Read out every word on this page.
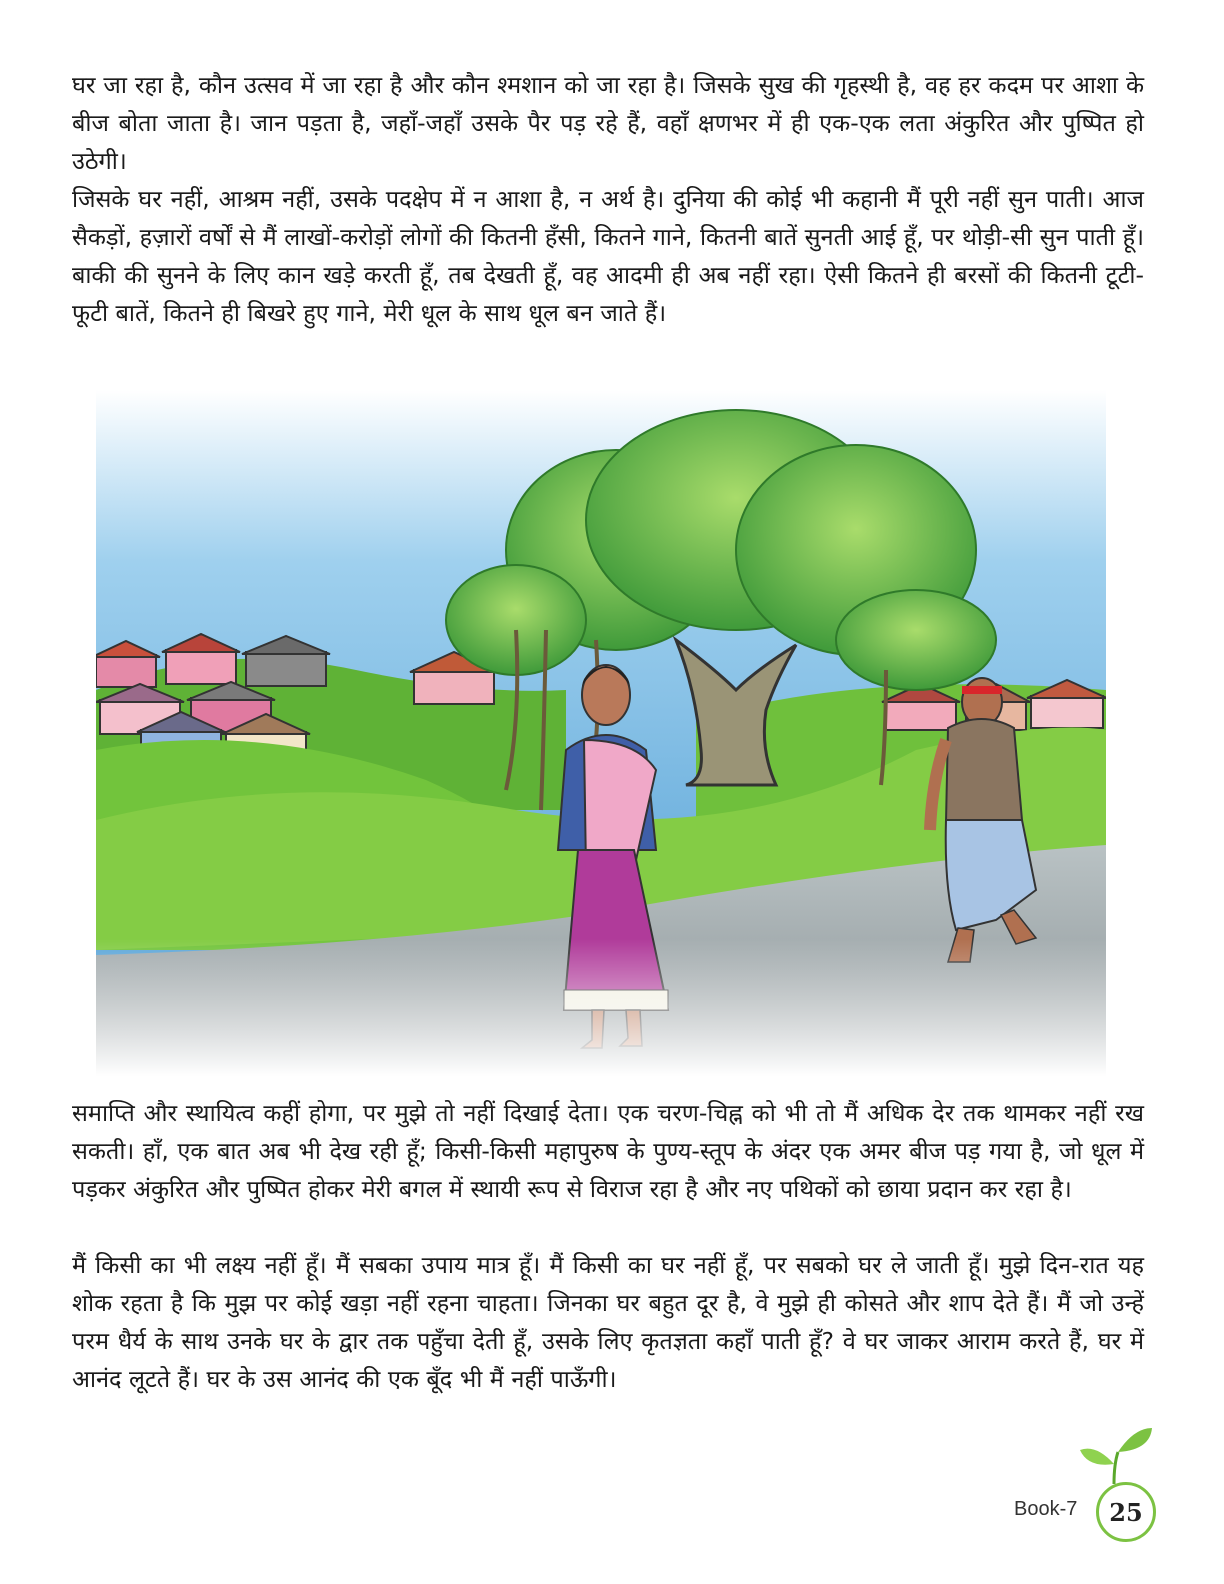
घर जा रहा है, कौन उत्सव में जा रहा है और कौन श्मशान को जा रहा है। जिसके सुख की गृहस्थी है, वह हर कदम पर आशा के बीज बोता जाता है। जान पड़ता है, जहाँ-जहाँ उसके पैर पड़ रहे हैं, वहाँ क्षणभर में ही एक-एक लता अंकुरित और पुष्पित हो उठेगी।

जिसके घर नहीं, आश्रम नहीं, उसके पदक्षेप में न आशा है, न अर्थ है। दुनिया की कोई भी कहानी मैं पूरी नहीं सुन पाती। आज सैकड़ों, हज़ारों वर्षों से मैं लाखों-करोड़ों लोगों की कितनी हँसी, कितने गाने, कितनी बातें सुनती आई हूँ, पर थोड़ी-सी सुन पाती हूँ। बाकी की सुनने के लिए कान खड़े करती हूँ, तब देखती हूँ, वह आदमी ही अब नहीं रहा। ऐसी कितने ही बरसों की कितनी टूटी-फूटी बातें, कितने ही बिखरे हुए गाने, मेरी धूल के साथ धूल बन जाते हैं।

समाप्ति और स्थायित्व कहीं होगा, पर मुझे तो नहीं दिखाई देता। एक चरण-चिह्न को भी तो मैं अधिक देर तक थामकर नहीं रख सकती। हाँ, एक बात अब भी देख रही हूँ; किसी-किसी महापुरुष के पुण्य-स्तूप के अंदर एक अमर बीज पड़ गया है, जो धूल में पड़कर अंकुरित और पुष्पित होकर मेरी बगल में स्थायी रूप से विराज रहा है और नए पथिकों को छाया प्रदान कर रहा है।

मैं किसी का भी लक्ष्य नहीं हूँ। मैं सबका उपाय मात्र हूँ। मैं किसी का घर नहीं हूँ, पर सबको घर ले जाती हूँ। मुझे दिन-रात यह शोक रहता है कि मुझ पर कोई खड़ा नहीं रहना चाहता। जिनका घर बहुत दूर है, वे मुझे ही कोसते और शाप देते हैं। मैं जो उन्हें परम धैर्य के साथ उनके घर के द्वार तक पहुँचा देती हूँ, उसके लिए कृतज्ञता कहाँ पाती हूँ? वे घर जाकर आराम करते हैं, घर में आनंद लूटते हैं। घर के उस आनंद की एक बूँद भी मैं नहीं पाऊँगी।

Book-7 25
